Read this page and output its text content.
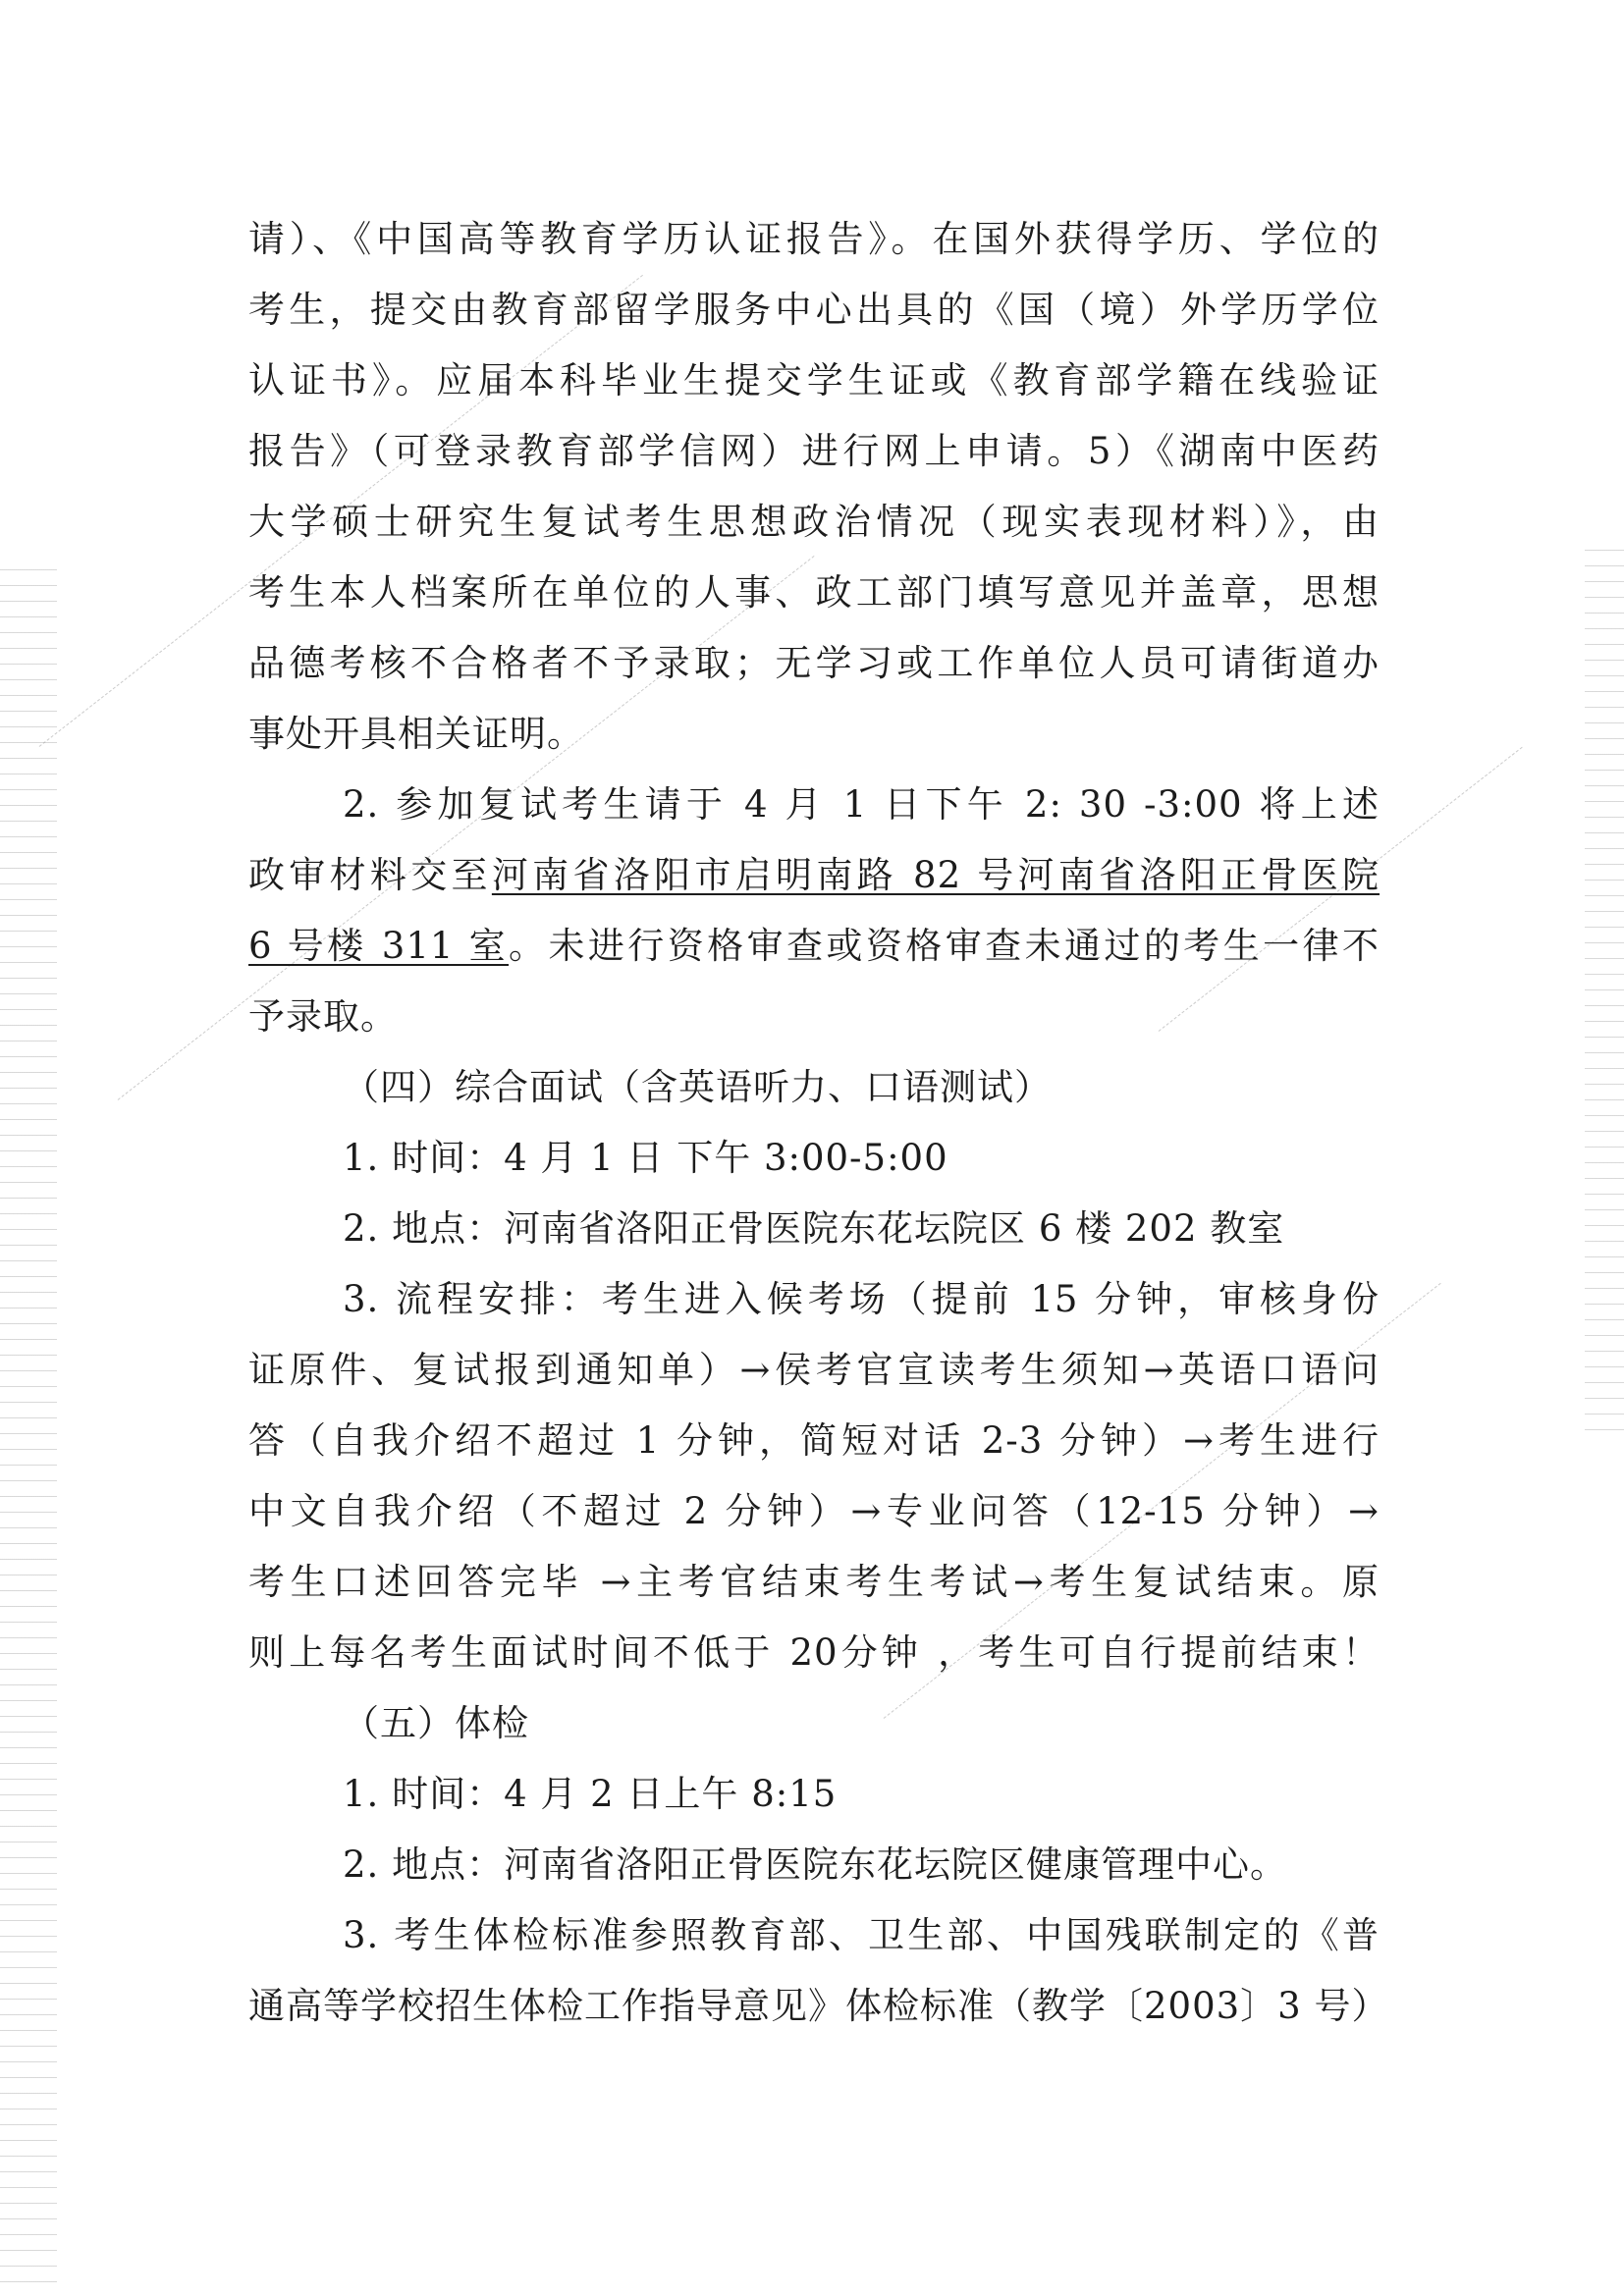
请）、《中国高等教育学历认证报告》。在国外获得学历、学位的
考生，提交由教育部留学服务中心出具的《国（境）外学历学位
认证书》。应届本科毕业生提交学生证或《教育部学籍在线验证
报告》（可登录教育部学信网）进行网上申请。5）《湖南中医药
大学硕士研究生复试考生思想政治情况（现实表现材料）》，由
考生本人档案所在单位的人事、政工部门填写意见并盖章，思想
品德考核不合格者不予录取；无学习或工作单位人员可请街道办
事处开具相关证明。
2. 参加复试考生请于 4 月 1 日下午 2: 30 -3:00 将上述
政审材料交至河南省洛阳市启明南路 82 号河南省洛阳正骨医院
6 号楼 311 室。未进行资格审查或资格审查未通过的考生一律不
予录取。
（四）综合面试（含英语听力、口语测试）
1. 时间：4 月 1 日 下午 3:00-5:00
2. 地点：河南省洛阳正骨医院东花坛院区 6 楼 202 教室
3. 流程安排：考生进入候考场（提前 15 分钟，审核身份
证原件、复试报到通知单）→侯考官宣读考生须知→英语口语问
答（自我介绍不超过 1 分钟，简短对话 2-3 分钟）→考生进行
中文自我介绍（不超过 2 分钟）→专业问答（12-15 分钟）→
考生口述回答完毕 →主考官结束考生考试→考生复试结束。原
则上每名考生面试时间不低于 20分钟 ，考生可自行提前结束！
（五）体检
1. 时间：4 月 2 日上午 8:15
2. 地点：河南省洛阳正骨医院东花坛院区健康管理中心。
3. 考生体检标准参照教育部、卫生部、中国残联制定的《普
通高等学校招生体检工作指导意见》体检标准（教学〔2003〕3 号）
